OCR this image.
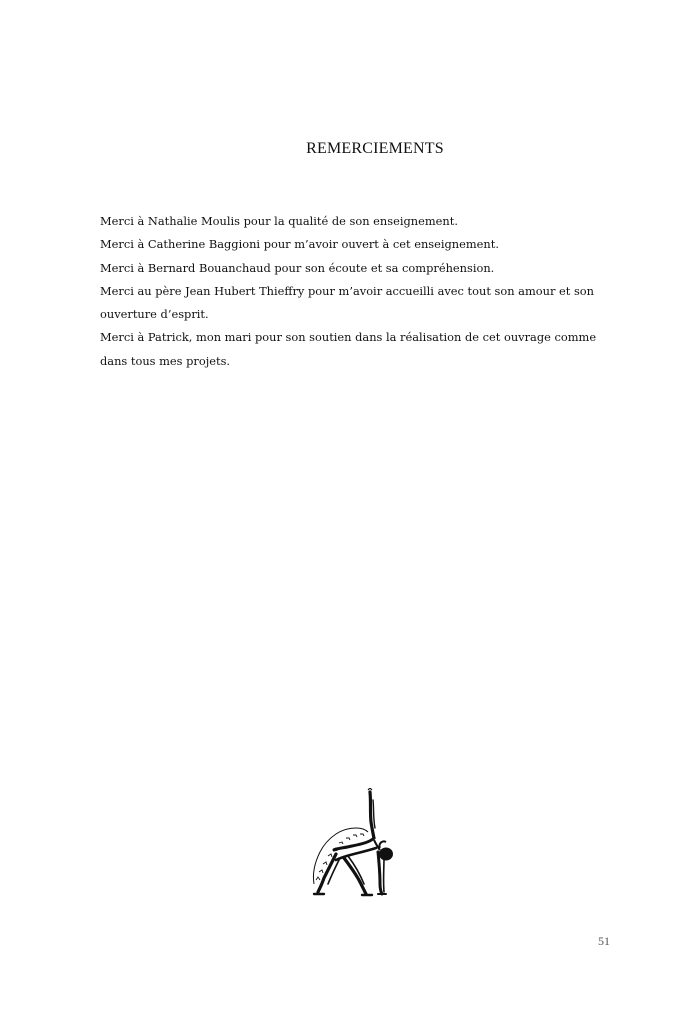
REMERCIEMENTS

Merci à Nathalie Moulis pour la qualité de son enseignement.

Merci à Catherine Baggioni pour m’avoir ouvert à cet enseignement.

Merci à Bernard Bouanchaud pour son écoute et sa compréhension.

Merci au père Jean Hubert Thieffry pour m’avoir accueilli avec tout son amour et son ouverture d’esprit.

Merci à Patrick, mon mari pour son soutien dans la réalisation de cet ouvrage comme dans tous mes projets.

51
